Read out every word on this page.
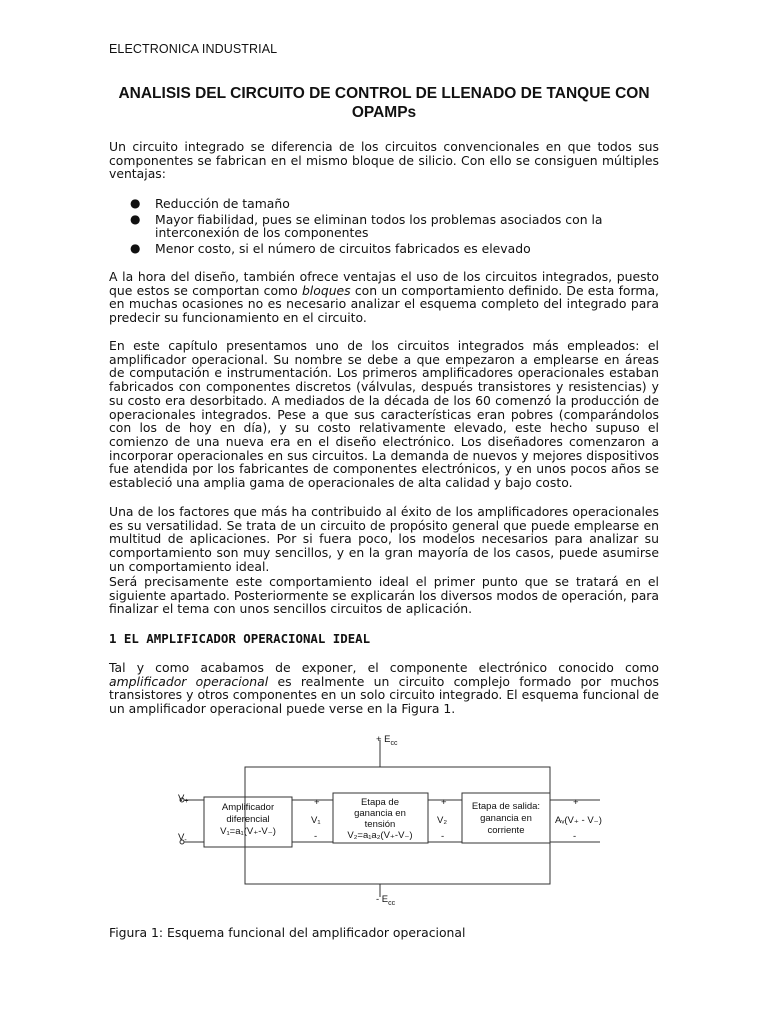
ELECTRONICA INDUSTRIAL
ANALISIS DEL CIRCUITO DE CONTROL DE LLENADO DE TANQUE CON OPAMPs

Un circuito integrado se diferencia de los circuitos convencionales en que todos sus componentes se fabrican en el mismo bloque de silicio. Con ello se consiguen múltiples ventajas:

● Reducción de tamaño
● Mayor fiabilidad, pues se eliminan todos los problemas asociados con la interconexión de los componentes
● Menor costo, si el número de circuitos fabricados es elevado

A la hora del diseño, también ofrece ventajas el uso de los circuitos integrados, puesto que estos se comportan como bloques con un comportamiento definido. De esta forma, en muchas ocasiones no es necesario analizar el esquema completo del integrado para predecir su funcionamiento en el circuito.

En este capítulo presentamos uno de los circuitos integrados más empleados: el amplificador operacional. Su nombre se debe a que empezaron a emplearse en áreas de computación e instrumentación. Los primeros amplificadores operacionales estaban fabricados con componentes discretos (válvulas, después transistores y resistencias) y su costo era desorbitado. A mediados de la década de los 60 comenzó la producción de operacionales integrados. Pese a que sus características eran pobres (comparándolos con los de hoy en día), y su costo relativamente elevado, este hecho supuso el comienzo de una nueva era en el diseño electrónico. Los diseñadores comenzaron a incorporar operacionales en sus circuitos. La demanda de nuevos y mejores dispositivos fue atendida por los fabricantes de componentes electrónicos, y en unos pocos años se estableció una amplia gama de operacionales de alta calidad y bajo costo.

Una de los factores que más ha contribuido al éxito de los amplificadores operacionales es su versatilidad. Se trata de un circuito de propósito general que puede emplearse en multitud de aplicaciones. Por si fuera poco, los modelos necesarios para analizar su comportamiento son muy sencillos, y en la gran mayoría de los casos, puede asumirse un comportamiento ideal.

Será precisamente este comportamiento ideal el primer punto que se tratará en el siguiente apartado. Posteriormente se explicarán los diversos modos de operación, para finalizar el tema con unos sencillos circuitos de aplicación.

1 EL AMPLIFICADOR OPERACIONAL IDEAL

Tal y como acabamos de exponer, el componente electrónico conocido como amplificador operacional es realmente un circuito complejo formado por muchos transistores y otros componentes en un solo circuito integrado. El esquema funcional de un amplificador operacional puede verse en la Figura 1.

+ $E_{cc}$
- $E_{cc}$
$V_+$
$V_-$
Amplificador
diferencial
V₁=a₁(V₊-V₋)
Etapa de
ganancia en
tensión
V₂=a₁a₂(V₊-V₋)
Etapa de salida:
ganancia en
corriente
+
V₁
-
+
V₂
-
+
Aᵥ(V₊ - V₋)
-
Figura 1: Esquema funcional del amplificador operacional
